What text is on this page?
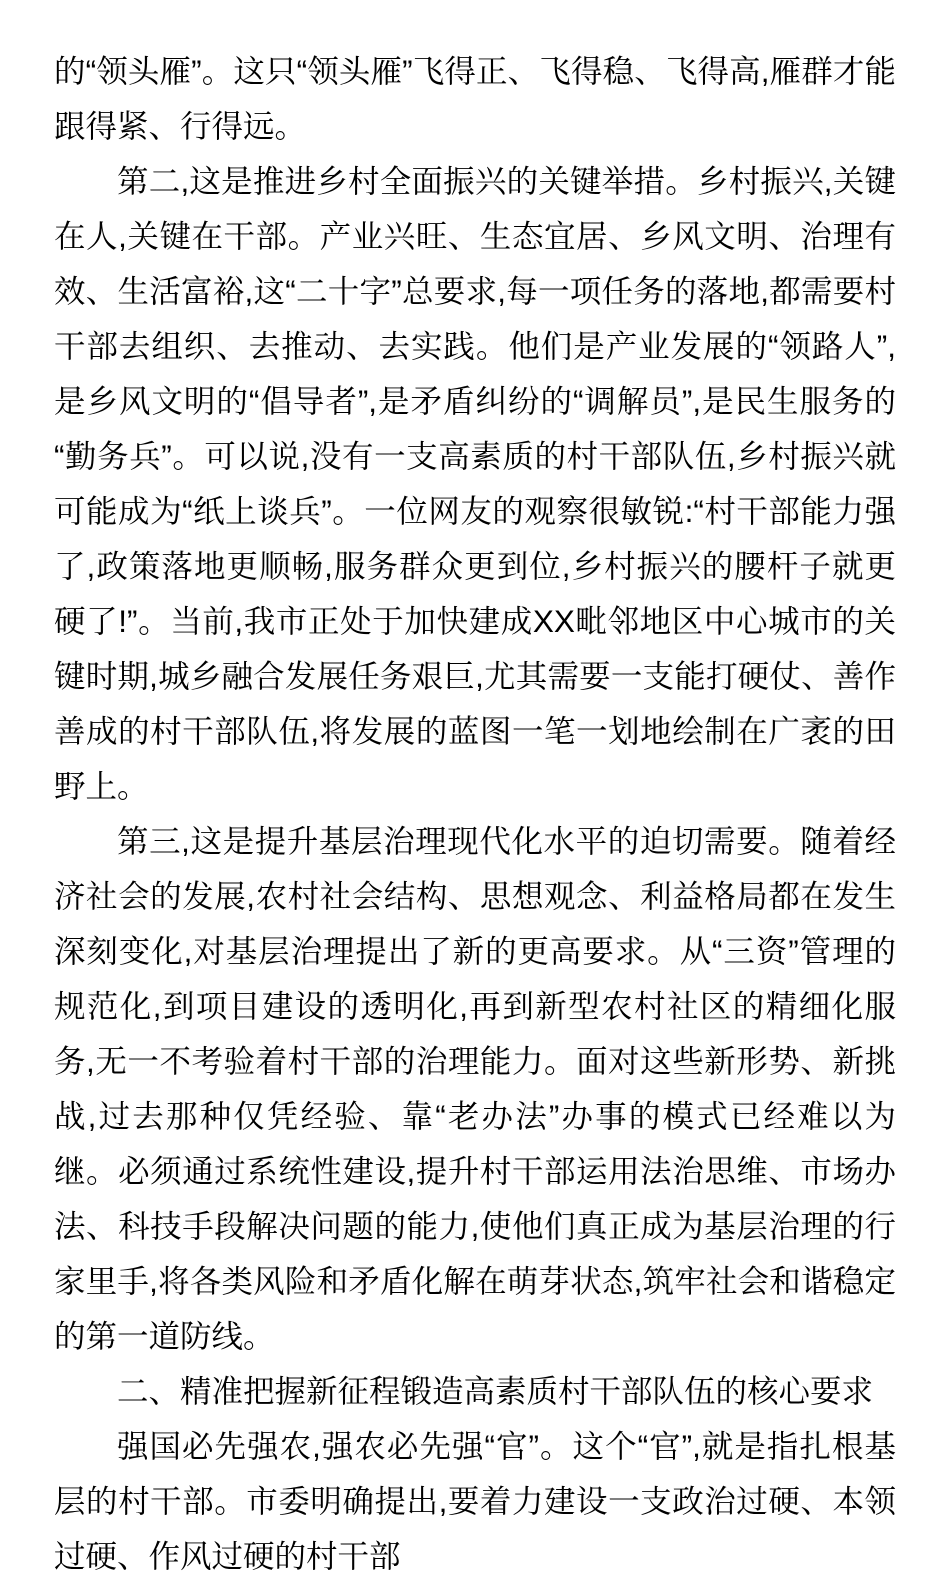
的“领头雁”。这只“领头雁”飞得正、飞得稳、飞得高,雁群才能跟得紧、行得远。

第二,这是推进乡村全面振兴的关键举措。乡村振兴,关键在人,关键在干部。产业兴旺、生态宜居、乡风文明、治理有效、生活富裕,这“二十字”总要求,每一项任务的落地,都需要村干部去组织、去推动、去实践。他们是产业发展的“领路人”,是乡风文明的“倡导者”,是矛盾纠纷的“调解员”,是民生服务的“勤务兵”。可以说,没有一支高素质的村干部队伍,乡村振兴就可能成为“纸上谈兵”。一位网友的观察很敏锐:“村干部能力强了,政策落地更顺畅,服务群众更到位,乡村振兴的腰杆子就更硬了!”。当前,我市正处于加快建成XX毗邻地区中心城市的关键时期,城乡融合发展任务艰巨,尤其需要一支能打硬仗、善作善成的村干部队伍,将发展的蓝图一笔一划地绘制在广袤的田野上。

第三,这是提升基层治理现代化水平的迫切需要。随着经济社会的发展,农村社会结构、思想观念、利益格局都在发生深刻变化,对基层治理提出了新的更高要求。从“三资”管理的规范化,到项目建设的透明化,再到新型农村社区的精细化服务,无一不考验着村干部的治理能力。面对这些新形势、新挑战,过去那种仅凭经验、靠“老办法”办事的模式已经难以为继。必须通过系统性建设,提升村干部运用法治思维、市场办法、科技手段解决问题的能力,使他们真正成为基层治理的行家里手,将各类风险和矛盾化解在萌芽状态,筑牢社会和谐稳定的第一道防线。

二、精准把握新征程锻造高素质村干部队伍的核心要求

强国必先强农,强农必先强“官”。这个“官”,就是指扎根基层的村干部。市委明确提出,要着力建设一支政治过硬、本领过硬、作风过硬的村干部
